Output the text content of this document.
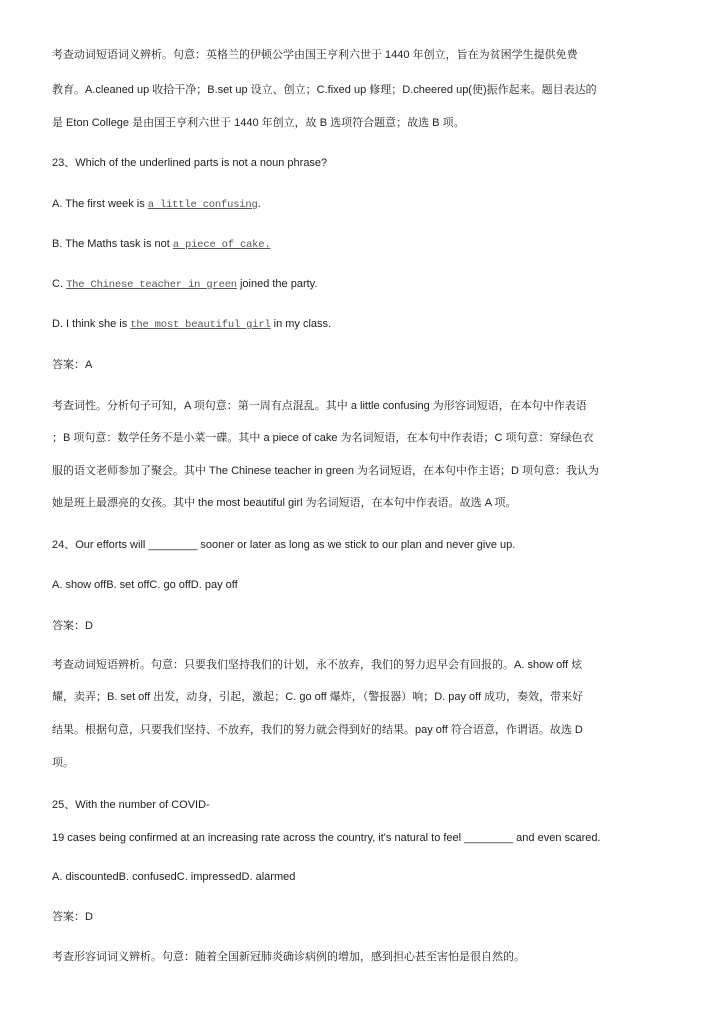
考查动词短语词义辨析。句意：英格兰的伊顿公学由国王亨利六世于 1440 年创立，旨在为贫困学生提供免费
教育。A.cleaned up 收拾干净；B.set up 设立、创立；C.fixed up 修理；D.cheered up(使)振作起来。题目表达的
是 Eton College 是由国王亨利六世于 1440 年创立，故 B 选项符合题意；故选 B 项。
23、Which of the underlined parts is not a noun phrase?
A. The first week is a little confusing.
B. The Maths task is not a piece of cake.
C. The Chinese teacher in green joined the party.
D. I think she is the most beautiful girl in my class.
答案：A
考查词性。分析句子可知，A 项句意：第一周有点混乱。其中 a little confusing 为形容词短语，在本句中作表语
；B 项句意：数学任务不是小菜一碟。其中 a piece of cake 为名词短语，在本句中作表语；C 项句意：穿绿色衣
服的语文老师参加了聚会。其中 The Chinese teacher in green 为名词短语，在本句中作主语；D 项句意：我认为
她是班上最漂亮的女孩。其中 the most beautiful girl 为名词短语，在本句中作表语。故选 A 项。
24、Our efforts will ________ sooner or later as long as we stick to our plan and never give up.
A. show offB. set offC. go offD. pay off
答案：D
考查动词短语辨析。句意：只要我们坚持我们的计划，永不放弃，我们的努力迟早会有回报的。A. show off 炫
耀，卖弄；B. set off 出发，动身，引起，激起；C. go off 爆炸，（警报器）响；D. pay off 成功，奏效，带来好
结果。根据句意，只要我们坚持、不放弃，我们的努力就会得到好的结果。pay off 符合语意，作谓语。故选 D
项。
25、With the number of COVID-
19 cases being confirmed at an increasing rate across the country, it's natural to feel ________ and even scared.
A. discountedB. confusedC. impressedD. alarmed
答案：D
考查形容词词义辨析。句意：随着全国新冠肺炎确诊病例的增加，感到担心甚至害怕是很自然的。
